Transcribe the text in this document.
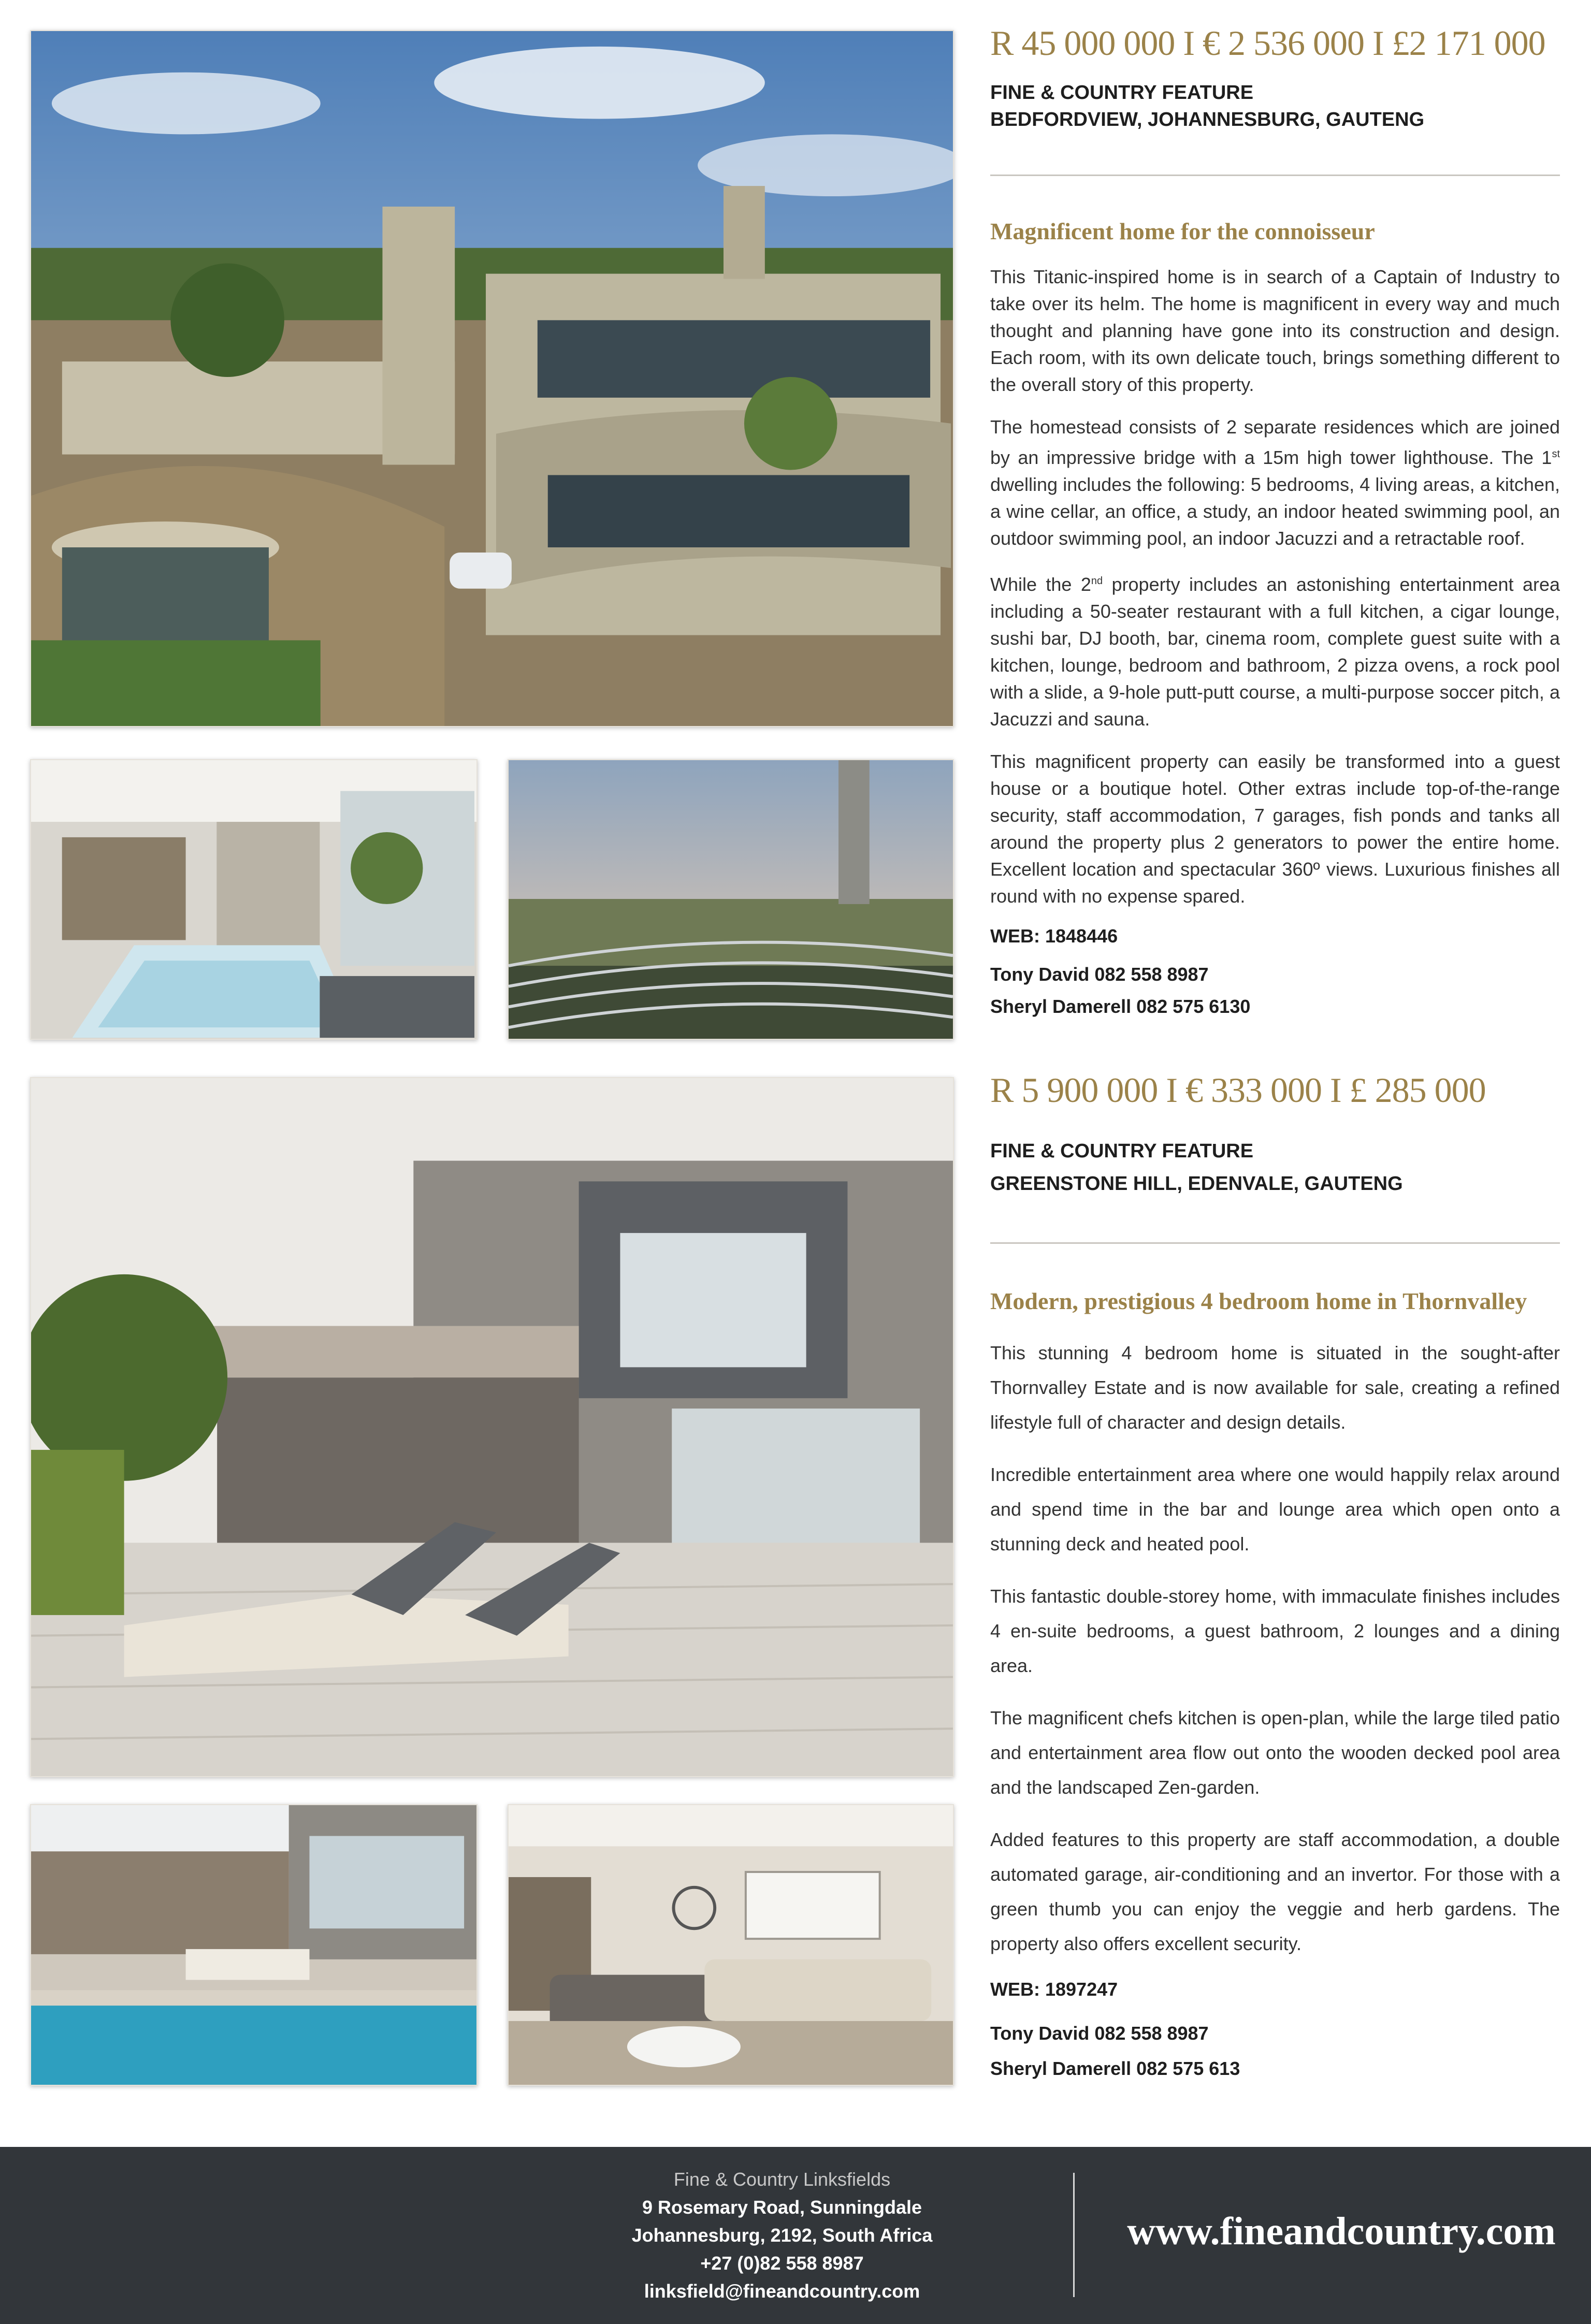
R 45 000 000 I € 2 536 000 I £2 171 000
FINE & COUNTRY FEATURE
BEDFORDVIEW, JOHANNESBURG, GAUTENG
Magnificent home for the connoisseur

This Titanic-inspired home is in search of a Captain of Industry to take over its helm. The home is magnificent in every way and much thought and planning have gone into its construction and design. Each room, with its own delicate touch, brings something different to the overall story of this property.

The homestead consists of 2 separate residences which are joined by an impressive bridge with a 15m high tower lighthouse. The 1st dwelling includes the following: 5 bedrooms, 4 living areas, a kitchen, a wine cellar, an office, a study, an indoor heated swimming pool, an outdoor swimming pool, an indoor Jacuzzi and a retractable roof.

While the 2nd property includes an astonishing entertainment area including a 50-seater restaurant with a full kitchen, a cigar lounge, sushi bar, DJ booth, bar, cinema room, complete guest suite with a kitchen, lounge, bedroom and bathroom, 2 pizza ovens, a rock pool with a slide, a 9-hole putt-putt course, a multi-purpose soccer pitch, a Jacuzzi and sauna.

This magnificent property can easily be transformed into a guest house or a boutique hotel. Other extras include top-of-the-range security, staff accommodation, 7 garages, fish ponds and tanks all around the property plus 2 generators to power the entire home. Excellent location and spectacular 360º views. Luxurious finishes all round with no expense spared.

WEB: 1848446
Tony David 082 558 8987
Sheryl Damerell 082 575 6130
R 5 900 000 I € 333 000 I £ 285 000
FINE & COUNTRY FEATURE
GREENSTONE HILL, EDENVALE, GAUTENG
Modern, prestigious 4 bedroom home in Thornvalley

This stunning 4 bedroom home is situated in the sought-after Thornvalley Estate and is now available for sale, creating a refined lifestyle full of character and design details.

Incredible entertainment area where one would happily relax around and spend time in the bar and lounge area which open onto a stunning deck and heated pool.

This fantastic double-storey home, with immaculate finishes includes 4 en-suite bedrooms, a guest bathroom, 2 lounges and a dining area.

The magnificent chefs kitchen is open-plan, while the large tiled patio and entertainment area flow out onto the wooden decked pool area and the landscaped Zen-garden.

Added features to this property are staff accommodation, a double automated garage, air-conditioning and an invertor. For those with a green thumb you can enjoy the veggie and herb gardens. The property also offers excellent security.

WEB: 1897247
Tony David 082 558 8987
Sheryl Damerell 082 575 613
Fine & Country Linksfields
9 Rosemary Road, Sunningdale
Johannesburg, 2192, South Africa
+27 (0)82 558 8987
linksfield@fineandcountry.com
www.fineandcountry.com
